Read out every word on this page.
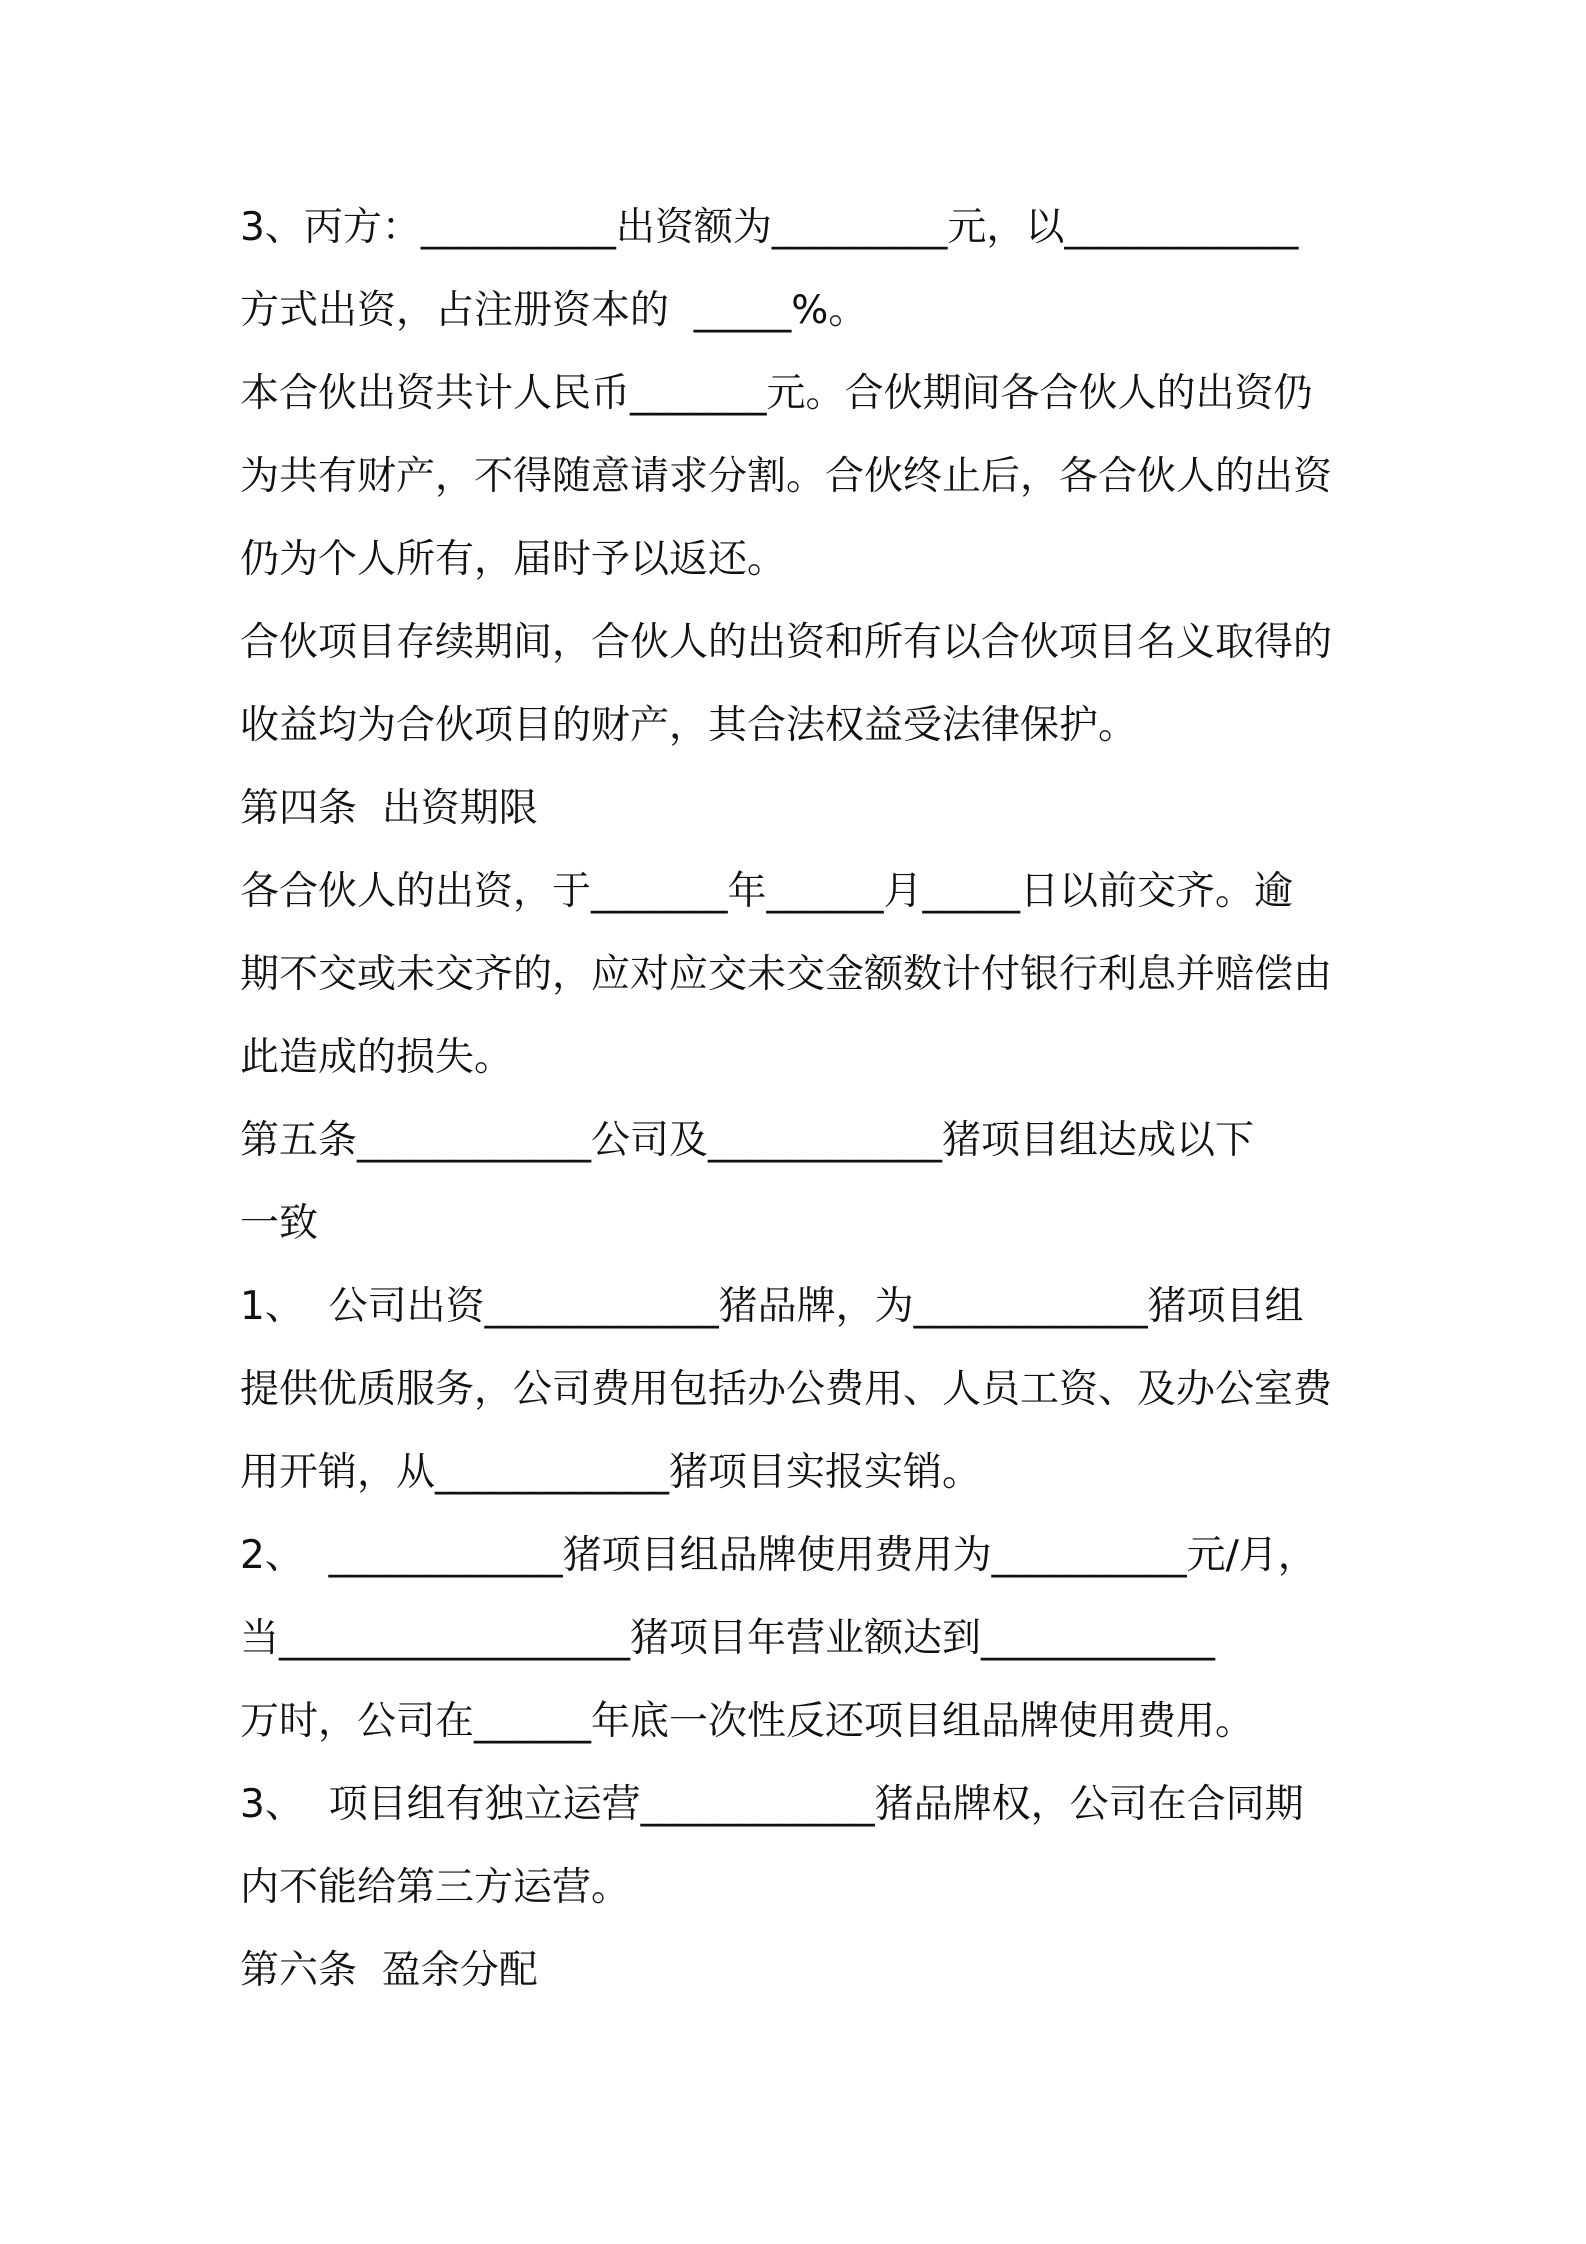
3、丙方：__________出资额为_________元，以____________
方式出资，占注册资本的  _____%。
本合伙出资共计人民币_______元。合伙期间各合伙人的出资仍
为共有财产，不得随意请求分割。合伙终止后，各合伙人的出资
仍为个人所有，届时予以返还。
合伙项目存续期间，合伙人的出资和所有以合伙项目名义取得的
收益均为合伙项目的财产，其合法权益受法律保护。
第四条  出资期限
各合伙人的出资，于_______年______月_____日以前交齐。逾
期不交或未交齐的，应对应交未交金额数计付银行利息并赔偿由
此造成的损失。
第五条____________公司及____________猪项目组达成以下
一致
1、  公司出资____________猪品牌，为____________猪项目组
提供优质服务，公司费用包括办公费用、人员工资、及办公室费
用开销，从____________猪项目实报实销。
2、  ____________猪项目组品牌使用费用为__________元/月，
当__________________猪项目年营业额达到____________
万时，公司在______年底一次性反还项目组品牌使用费用。
3、  项目组有独立运营____________猪品牌权，公司在合同期
内不能给第三方运营。
第六条  盈余分配
